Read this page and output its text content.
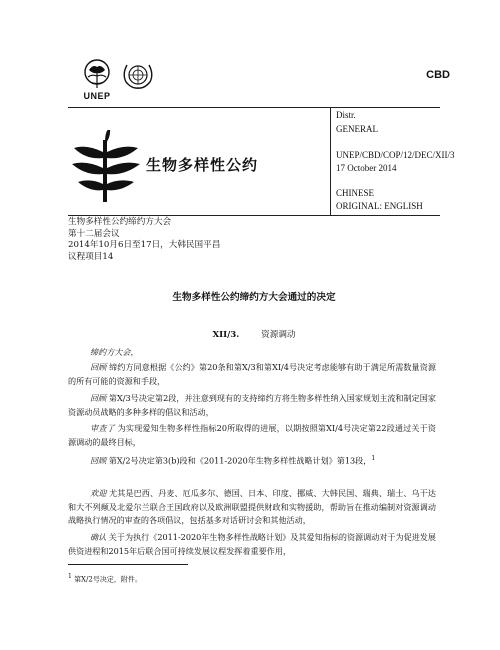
UNEP
CBD
生物多样性公约
Distr.
GENERAL
UNEP/CBD/COP/12/DEC/XII/3
17 October 2014
CHINESE
ORIGINAL: ENGLISH
生物多样性公约缔约方大会
第十二届会议
2014年10月6日至17日，大韩民国平昌
议程项目14
生物多样性公约缔约方大会通过的决定
XII/3.	资源调动
缔约方大会，
回顾 缔约方同意根据《公约》第20条和第X/3和第XI/4号决定考虑能够有助于满足所需数量资源的所有可能的资源和手段，
回顾 第X/3号决定第2段，并注意到现有的支持缔约方将生物多样性纳入国家规划主流和制定国家资源动员战略的多种多样的倡议和活动，
审查了 为实现爱知生物多样性指标20所取得的进展，以期按照第XI/4号决定第22段通过关于资源调动的最终目标，
回顾 第X/2号决定第3(b)段和《2011-2020年生物多样性战略计划》第13段，$^1$
欢迎 尤其是巴西、丹麦、厄瓜多尔、德国、日本、印度、挪威、大韩民国、瑞典、瑞士、乌干达和大不列颠及北爱尔兰联合王国政府以及欧洲联盟提供财政和实物援助，帮助旨在推动编制对资源调动战略执行情况的审查的各项倡议，包括基多对话研讨会和其他活动，
确认 关于为执行《2011-2020年生物多样性战略计划》及其爱知指标的资源调动对于为促进发展供资进程和2015年后联合国可持续发展议程发挥着重要作用，
$^1$ 第X/2号决定，附件。
